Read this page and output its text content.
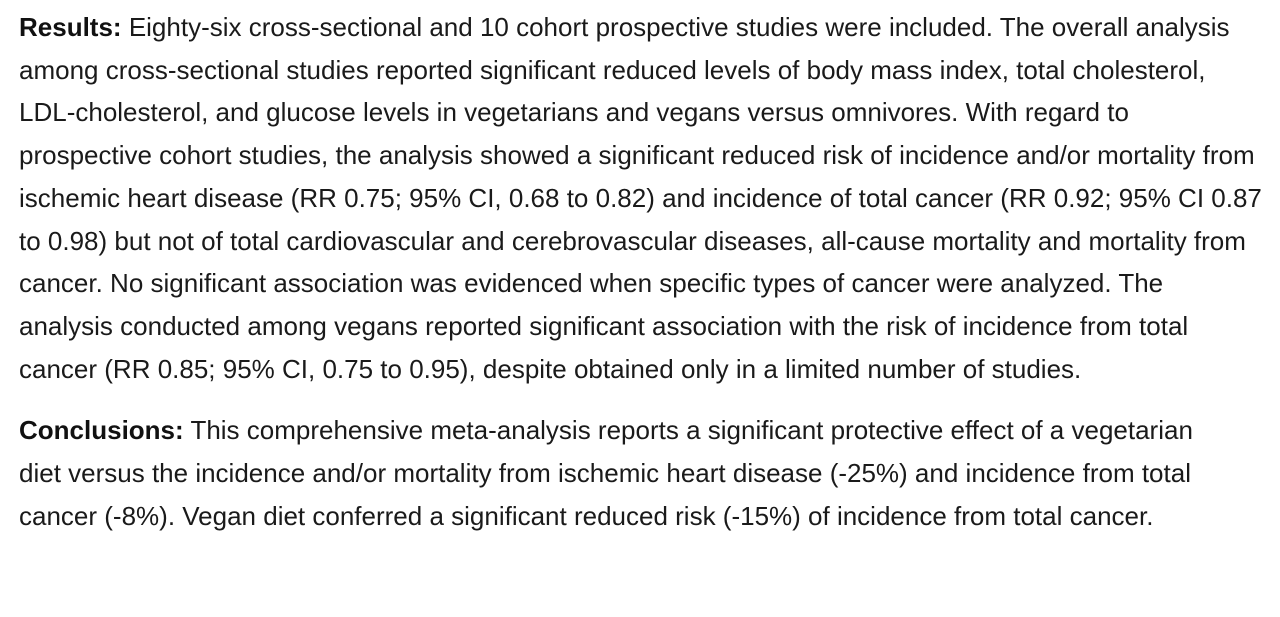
Results: Eighty-six cross-sectional and 10 cohort prospective studies were included. The overall analysis among cross-sectional studies reported significant reduced levels of body mass index, total cholesterol, LDL-cholesterol, and glucose levels in vegetarians and vegans versus omnivores. With regard to prospective cohort studies, the analysis showed a significant reduced risk of incidence and/or mortality from ischemic heart disease (RR 0.75; 95% CI, 0.68 to 0.82) and incidence of total cancer (RR 0.92; 95% CI 0.87 to 0.98) but not of total cardiovascular and cerebrovascular diseases, all-cause mortality and mortality from cancer. No significant association was evidenced when specific types of cancer were analyzed. The analysis conducted among vegans reported significant association with the risk of incidence from total cancer (RR 0.85; 95% CI, 0.75 to 0.95), despite obtained only in a limited number of studies.

Conclusions: This comprehensive meta-analysis reports a significant protective effect of a vegetarian diet versus the incidence and/or mortality from ischemic heart disease (-25%) and incidence from total cancer (-8%). Vegan diet conferred a significant reduced risk (-15%) of incidence from total cancer.
